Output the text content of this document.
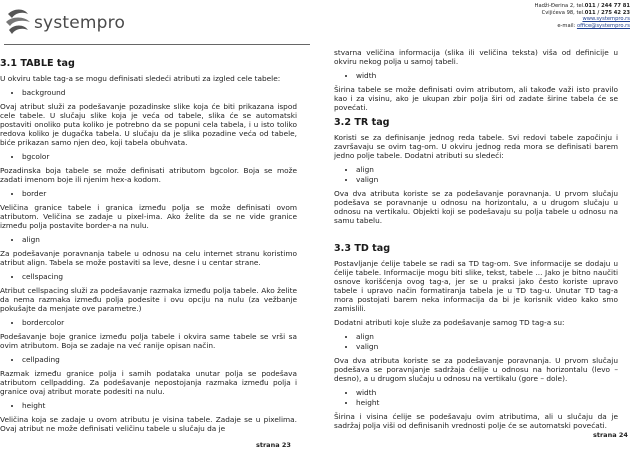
systempro
Hadži-Đerina 2, tel.011 / 244 77 81
Cvijićeva 98, tel.011 / 275 42 23
www.systempro.rs
e-mail: office@systempro.rs
3.1 TABLE tag

U okviru table tag-a se mogu definisati sledeći atributi za izgled cele tabele:

• background

Ovaj atribut služi za podešavanje pozadinske slike koja će biti prikazana ispod cele tabele. U slučaju slike koja je veća od tabele, slika će se automatski postaviti onoliko puta koliko je potrebno da se popuni cela tabela, i u isto toliko redova koliko je dugačka tabela. U slučaju da je slika pozadine veća od tabele, biće prikazan samo njen deo, koji tabela obuhvata.

• bgcolor

Pozadinska boja tabele se može definisati atributom bgcolor. Boja se može zadati imenom boje ili njenim hex-a kodom.

• border

Veličina granice tabele i granica između polja se može definisati ovom atributom. Veličina se zadaje u pixel-ima. Ako želite da se ne vide granice između polja postavite border-a na nulu.

• align

Za podešavanje poravnanja tabele u odnosu na celu internet stranu koristimo atribut align. Tabela se može postaviti sa leve, desne i u centar strane.

• cellspacing

Atribut cellspacing služi za podešavanje razmaka između polja tabele. Ako želite da nema razmaka između polja podesite i ovu opciju na nulu (za vežbanje pokušajte da menjate ove parametre.)

• bordercolor

Podešavanje boje granice između polja tabele i okvira same tabele se vrši sa ovim atributom. Boja se zadaje na već ranije opisan način.

• cellpading

Razmak između granice polja i samih podataka unutar polja se podešava atributom cellpadding. Za podešavanje nepostojanja razmaka između polja i granice ovaj atribut morate podesiti na nulu.

• height

Veličina koja se zadaje u ovom atributu je visina tabele. Zadaje se u pixelima. Ovaj atribut ne može definisati veličinu tabele u slučaju da je

strana 23

stvarna veličina informacija (slika ili veličina teksta) viša od definicije u okviru nekog polja u samoj tabeli.

• width

Širina tabele se može definisati ovim atributom, ali takođe važi isto pravilo kao i za visinu, ako je ukupan zbir polja širi od zadate širine tabela će se povećati.

3.2 TR tag

Koristi se za definisanje jednog reda tabele. Svi redovi tabele započinju i završavaju se ovim tag-om. U okviru jednog reda mora se definisati barem jedno polje tabele. Dodatni atributi su sledeći:

• align
• valign

Ova dva atributa koriste se za podešavanje poravnanja. U prvom slučaju podešava se poravnanje u odnosu na horizontalu, a u drugom slučaju u odnosu na vertikalu. Objekti koji se podešavaju su polja tabele u odnosu na samu tabelu.

3.3 TD tag

Postavljanje ćelije tabele se radi sa TD tag-om. Sve informacije se dodaju u ćelije tabele. Informacije mogu biti slike, tekst, tabele ... Jako je bitno naučiti osnove korišćenja ovog tag-a, jer se u praksi jako često koriste upravo tabele i upravo način formatiranja tabela je u TD tag-u. Unutar TD tag-a mora postojati barem neka informacija da bi je korisnik video kako smo zamislili.

Dodatni atributi koje služe za podešavanje samog TD tag-a su:

• align
• valign

Ova dva atributa koriste se za podešavanje poravnanja. U prvom slučaju podešava se poravnjanje sadržaja ćelije u odnosu na horizontalu (levo – desno), a u drugom slučaju u odnosu na vertikalu (gore – dole).

• width
• height

Širina i visina ćelije se podešavaju ovim atributima, ali u slučaju da je sadržaj polja viši od definisanih vrednosti polje će se automatski povećati.

strana 24
